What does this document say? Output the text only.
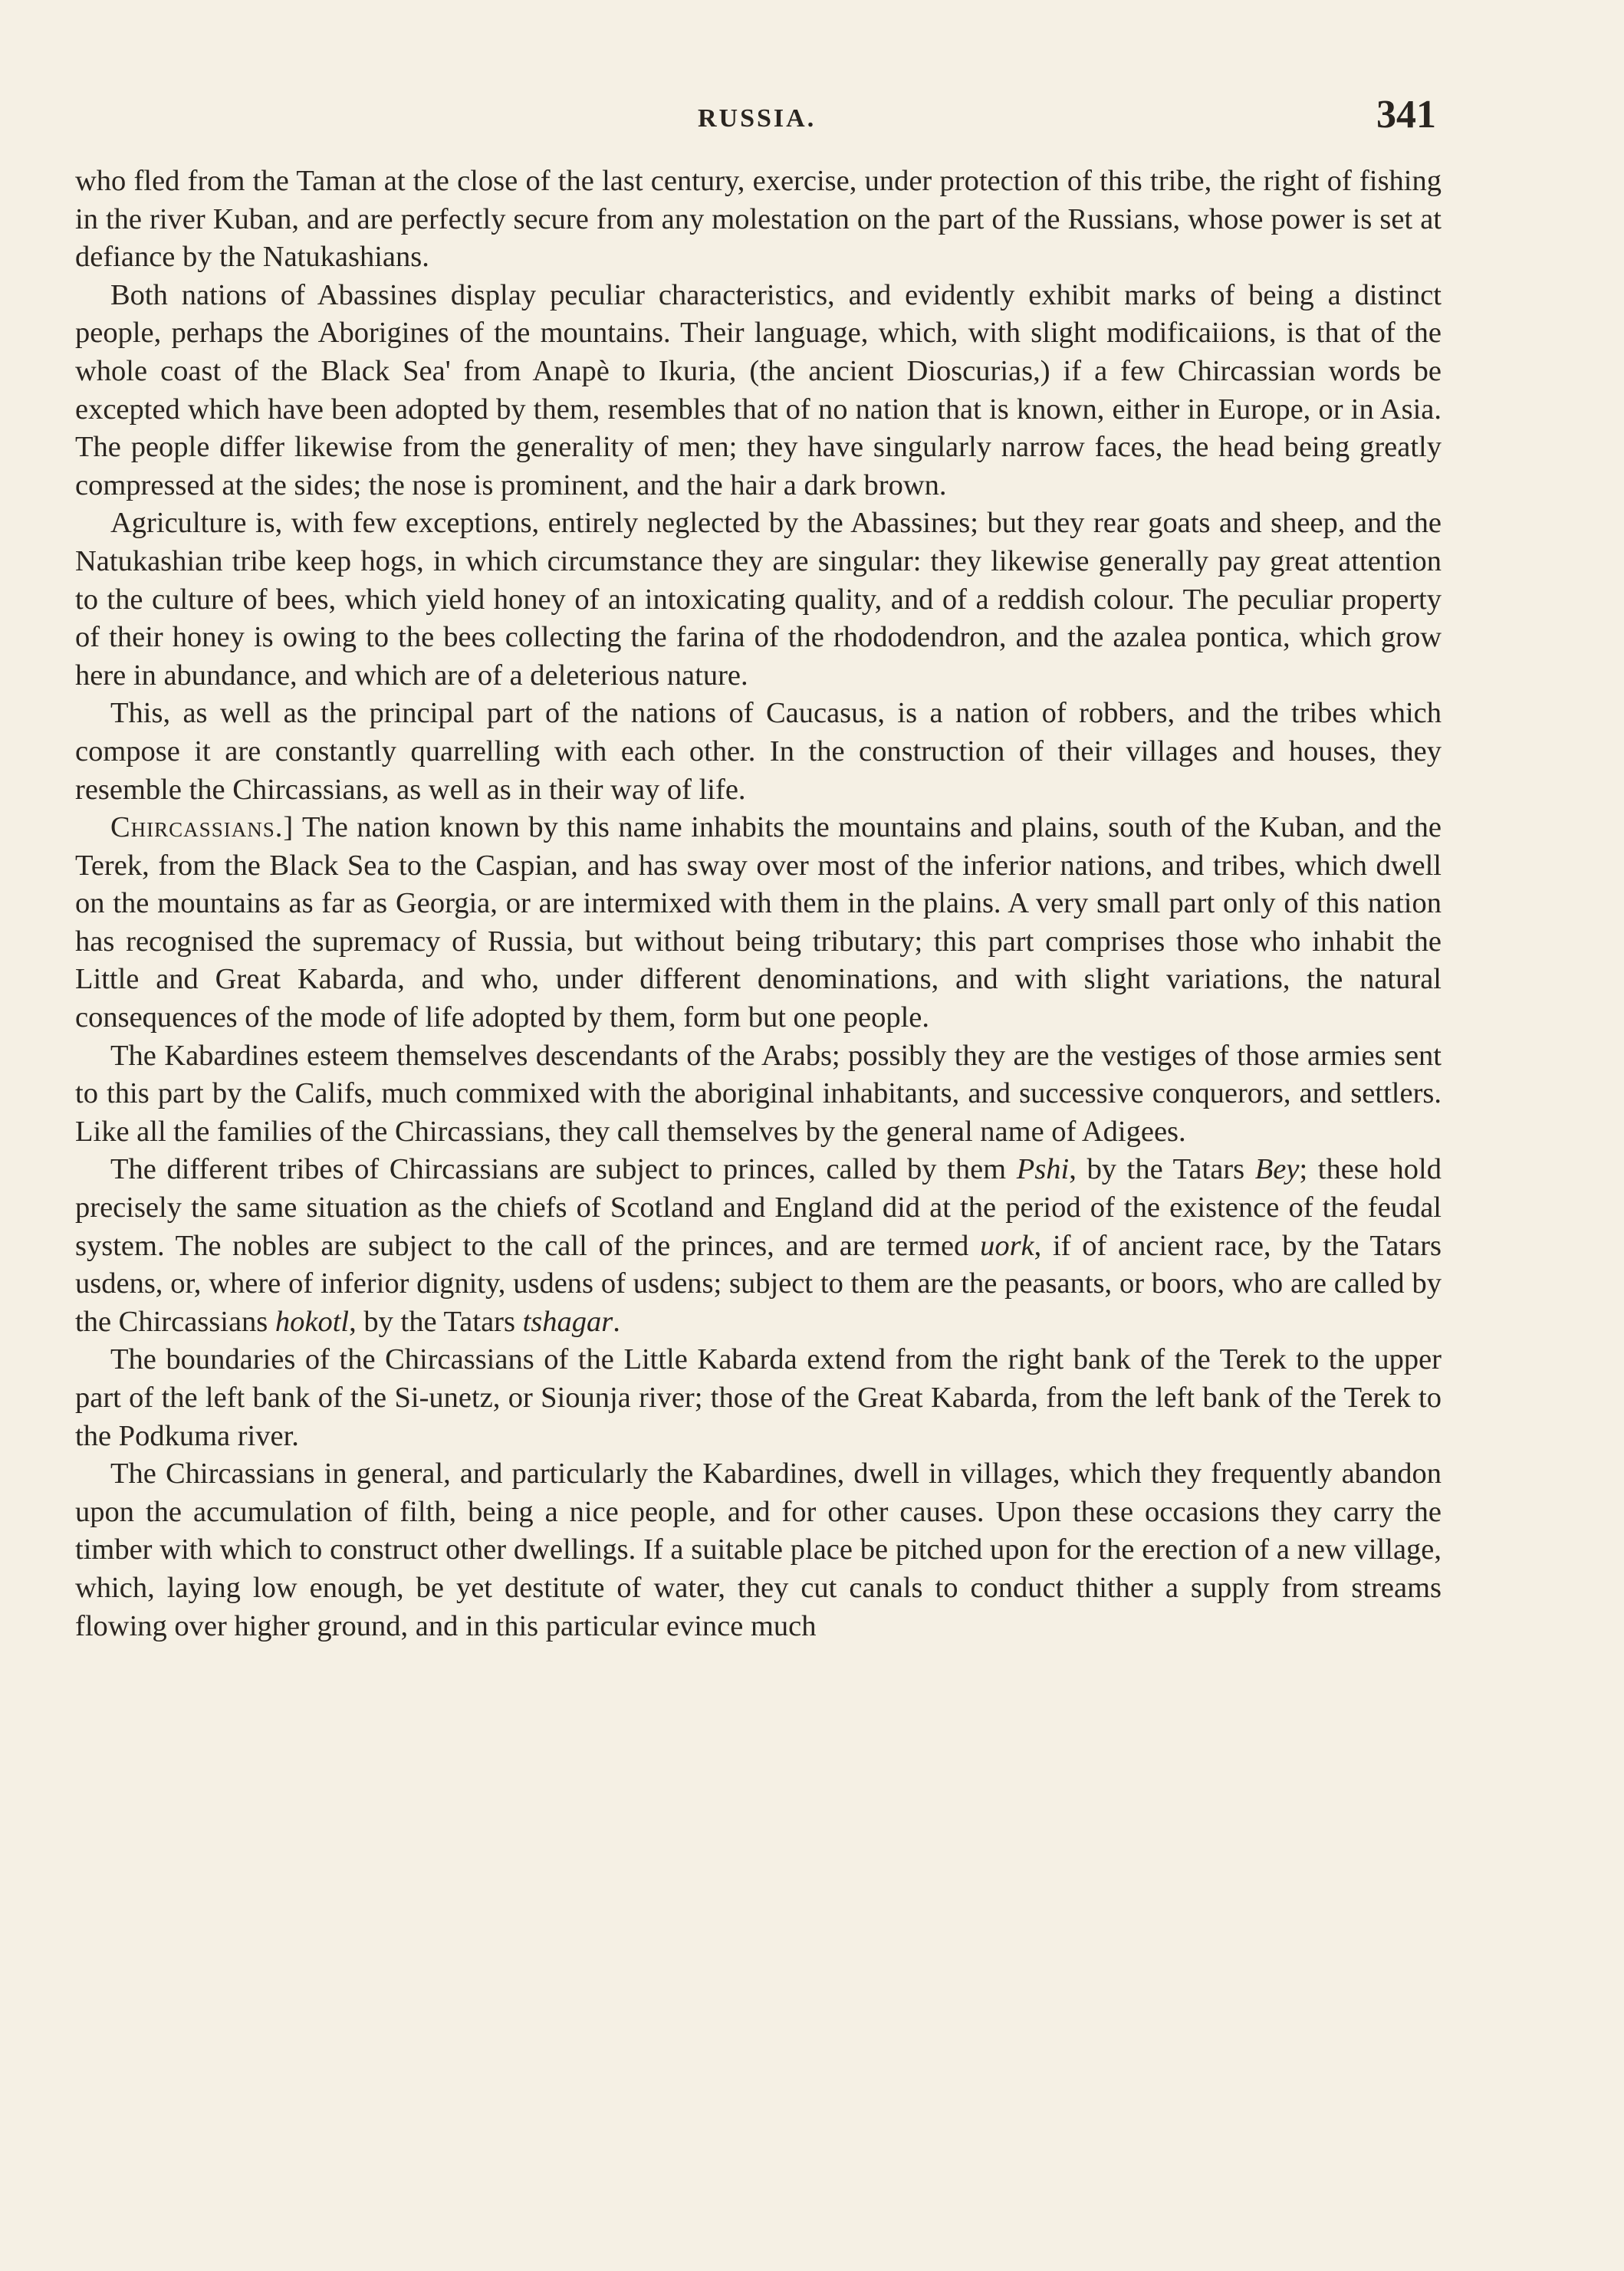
RUSSIA.	341

who fled from the Taman at the close of the last century, exercise, under protection of this tribe, the right of fishing in the river Kuban, and are perfectly secure from any molestation on the part of the Russians, whose power is set at defiance by the Natukashians.

Both nations of Abassines display peculiar characteristics, and evidently exhibit marks of being a distinct people, perhaps the Aborigines of the mountains. Their language, which, with slight modificaiions, is that of the whole coast of the Black Sea' from Anapè to Ikuria, (the ancient Dioscurias,) if a few Chircassian words be excepted which have been adopted by them, resembles that of no nation that is known, either in Europe, or in Asia. The people differ likewise from the generality of men; they have singularly narrow faces, the head being greatly compressed at the sides; the nose is prominent, and the hair a dark brown.

Agriculture is, with few exceptions, entirely neglected by the Abassines; but they rear goats and sheep, and the Natukashian tribe keep hogs, in which circumstance they are singular: they likewise generally pay great attention to the culture of bees, which yield honey of an intoxicating quality, and of a reddish colour. The peculiar property of their honey is owing to the bees collecting the farina of the rhododendron, and the azalea pontica, which grow here in abundance, and which are of a deleterious nature.

This, as well as the principal part of the nations of Caucasus, is a nation of robbers, and the tribes which compose it are constantly quarrelling with each other. In the construction of their villages and houses, they resemble the Chircassians, as well as in their way of life.

Chircassians.] The nation known by this name inhabits the mountains and plains, south of the Kuban, and the Terek, from the Black Sea to the Caspian, and has sway over most of the inferior nations, and tribes, which dwell on the mountains as far as Georgia, or are intermixed with them in the plains. A very small part only of this nation has recognised the supremacy of Russia, but without being tributary; this part comprises those who inhabit the Little and Great Kabarda, and who, under different denominations, and with slight variations, the natural consequences of the mode of life adopted by them, form but one people.

The Kabardines esteem themselves descendants of the Arabs; possibly they are the vestiges of those armies sent to this part by the Califs, much commixed with the aboriginal inhabitants, and successive conquerors, and settlers. Like all the families of the Chircassians, they call themselves by the general name of Adigees.

The different tribes of Chircassians are subject to princes, called by them Pshi, by the Tatars Bey; these hold precisely the same situation as the chiefs of Scotland and England did at the period of the existence of the feudal system. The nobles are subject to the call of the princes, and are termed uork, if of ancient race, by the Tatars usdens, or, where of inferior dignity, usdens of usdens; subject to them are the peasants, or boors, who are called by the Chircassians hokotl, by the Tatars tshagar.

The boundaries of the Chircassians of the Little Kabarda extend from the right bank of the Terek to the upper part of the left bank of the Si-unetz, or Siounja river; those of the Great Kabarda, from the left bank of the Terek to the Podkuma river.

The Chircassians in general, and particularly the Kabardines, dwell in villages, which they frequently abandon upon the accumulation of filth, being a nice people, and for other causes. Upon these occasions they carry the timber with which to construct other dwellings. If a suitable place be pitched upon for the erection of a new village, which, laying low enough, be yet destitute of water, they cut canals to conduct thither a supply from streams flowing over higher ground, and in this particular evince much
